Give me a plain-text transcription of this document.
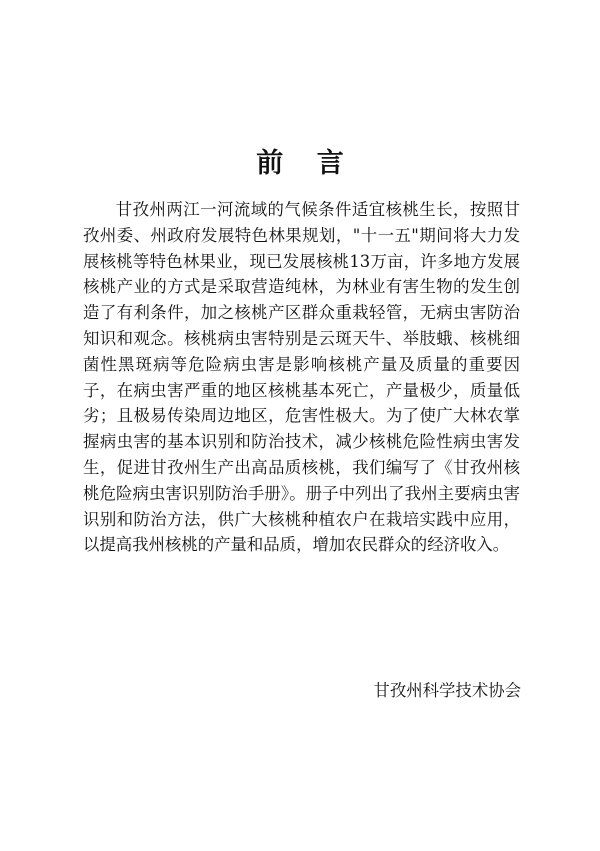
前 言

甘孜州两江一河流域的气候条件适宜核桃生长，按照甘孜州委、州政府发展特色林果规划，"十一五"期间将大力发展核桃等特色林果业，现已发展核桃13万亩，许多地方发展核桃产业的方式是采取营造纯林，为林业有害生物的发生创造了有利条件，加之核桃产区群众重栽轻管，无病虫害防治知识和观念。核桃病虫害特别是云斑天牛、举肢蛾、核桃细菌性黑斑病等危险病虫害是影响核桃产量及质量的重要因子，在病虫害严重的地区核桃基本死亡，产量极少，质量低劣；且极易传染周边地区，危害性极大。为了使广大林农掌握病虫害的基本识别和防治技术，减少核桃危险性病虫害发生，促进甘孜州生产出高品质核桃，我们编写了《甘孜州核桃危险病虫害识别防治手册》。册子中列出了我州主要病虫害识别和防治方法，供广大核桃种植农户在栽培实践中应用，以提高我州核桃的产量和品质，增加农民群众的经济收入。

甘孜州科学技术协会
